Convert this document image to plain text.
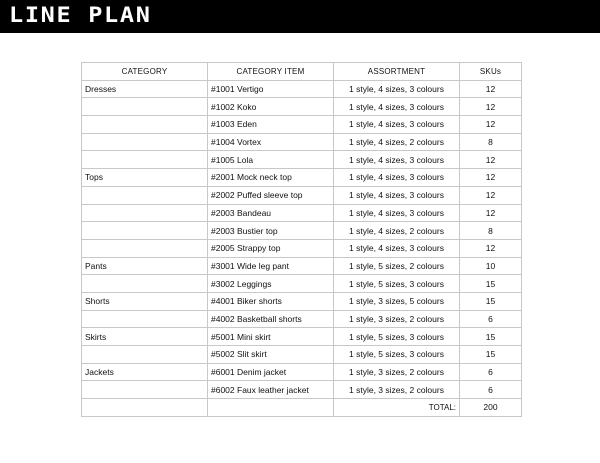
LINE PLAN
CATEGORY	CATEGORY ITEM	ASSORTMENT	SKUs
Dresses	#1001 Vertigo	1 style, 4 sizes, 3 colours	12
	#1002 Koko	1 style, 4 sizes, 3 colours	12
	#1003 Eden	1 style, 4 sizes, 3 colours	12
	#1004 Vortex	1 style, 4 sizes, 2 colours	8
	#1005 Lola	1 style, 4 sizes, 3 colours	12
Tops	#2001 Mock neck top	1 style, 4 sizes, 3 colours	12
	#2002 Puffed sleeve top	1 style, 4 sizes, 3 colours	12
	#2003 Bandeau	1 style, 4 sizes, 3 colours	12
	#2003 Bustier top	1 style, 4 sizes, 2 colours	8
	#2005 Strappy top	1 style, 4 sizes, 3 colours	12
Pants	#3001 Wide leg pant	1 style, 5 sizes, 2 colours	10
	#3002 Leggings	1 style, 5 sizes, 3 colours	15
Shorts	#4001 Biker shorts	1 style, 3 sizes, 5 colours	15
	#4002 Basketball shorts	1 style, 3 sizes, 2 colours	6
Skirts	#5001 Mini skirt	1 style, 5 sizes, 3 colours	15
	#5002 Slit skirt	1 style, 5 sizes, 3 colours	15
Jackets	#6001 Denim jacket	1 style, 3 sizes, 2 colours	6
	#6002 Faux leather jacket	1 style, 3 sizes, 2 colours	6
		TOTAL:	200
